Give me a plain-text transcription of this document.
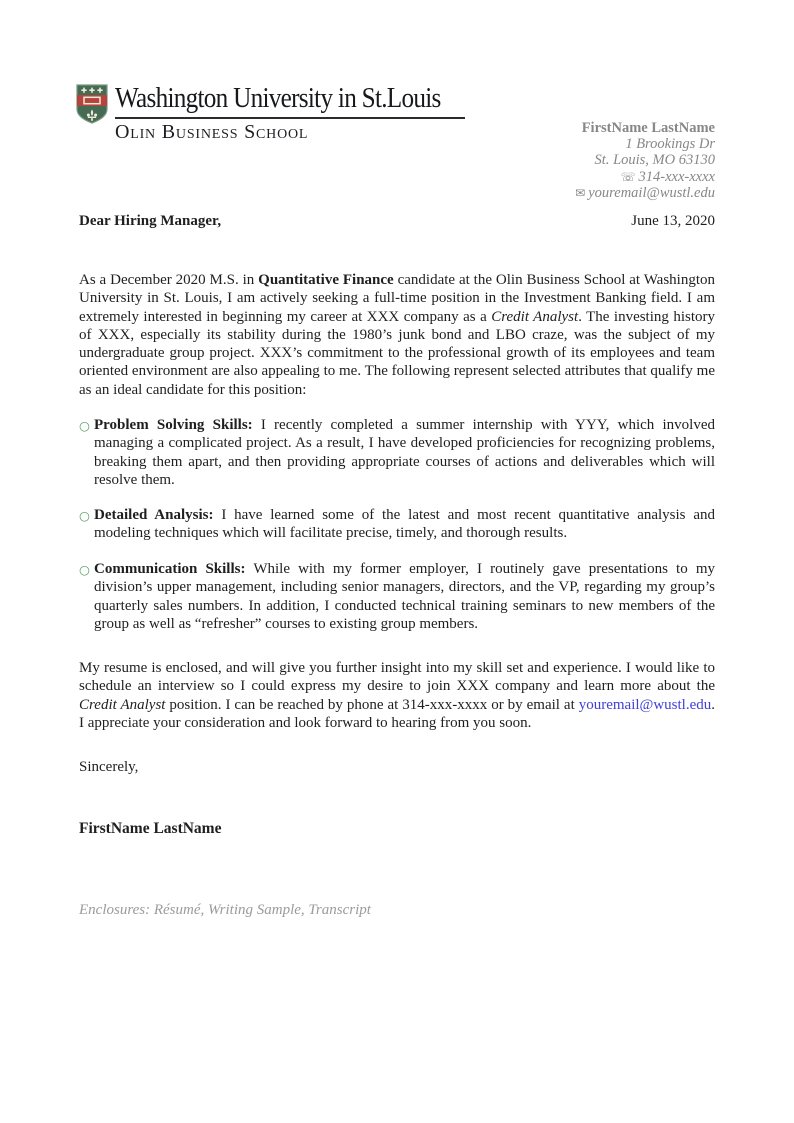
Washington University in St.Louis
Olin Business School	FirstName LastName
1 Brookings Dr
St. Louis, MO 63130
☏ 314-xxx-xxxx
✉ youremail@wustl.edu
Dear Hiring Manager,	June 13, 2020

As a December 2020 M.S. in Quantitative Finance candidate at the Olin Business School at Washington University in St. Louis, I am actively seeking a full-time position in the Investment Banking field. I am extremely interested in beginning my career at XXX company as a Credit Analyst. The investing history of XXX, especially its stability during the 1980’s junk bond and LBO craze, was the subject of my undergraduate group project. XXX’s commitment to the professional growth of its employees and team oriented environment are also appealing to me. The following represent selected attributes that qualify me as an ideal candidate for this position:

○ Problem Solving Skills: I recently completed a summer internship with YYY, which involved managing a complicated project. As a result, I have developed proficiencies for recognizing problems, breaking them apart, and then providing appropriate courses of actions and deliverables which will resolve them.
○ Detailed Analysis: I have learned some of the latest and most recent quantitative analysis and modeling techniques which will facilitate precise, timely, and thorough results.
○ Communication Skills: While with my former employer, I routinely gave presentations to my division’s upper management, including senior managers, directors, and the VP, regarding my group’s quarterly sales numbers. In addition, I conducted technical training seminars to new members of the group as well as “refresher” courses to existing group members.

My resume is enclosed, and will give you further insight into my skill set and experience. I would like to schedule an interview so I could express my desire to join XXX company and learn more about the Credit Analyst position. I can be reached by phone at 314-xxx-xxxx or by email at youremail@wustl.edu. I appreciate your consideration and look forward to hearing from you soon.

Sincerely,
FirstName LastName
Enclosures: Résumé, Writing Sample, Transcript
